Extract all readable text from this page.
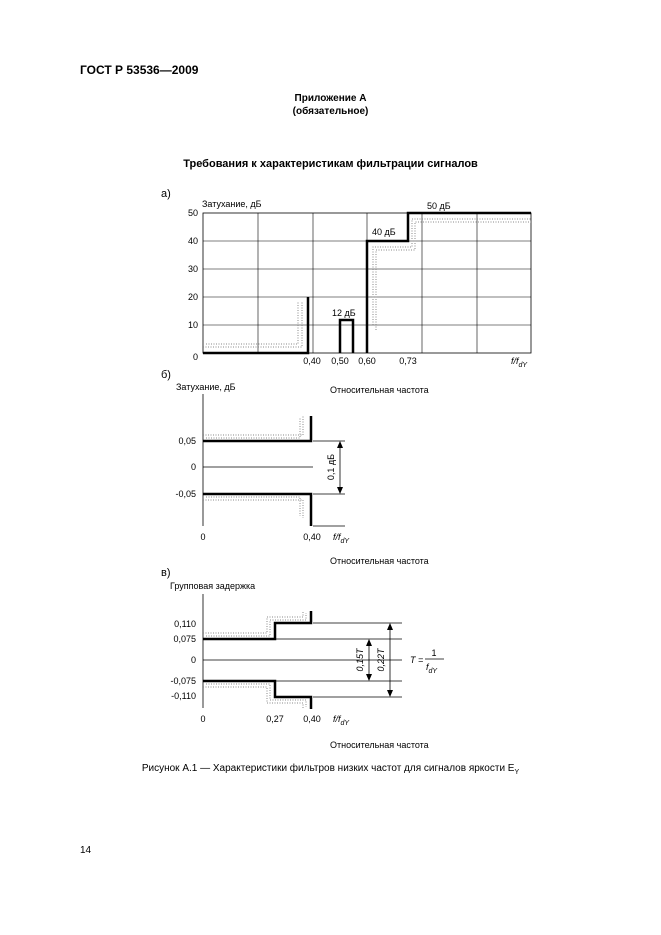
ГОСТ Р 53536—2009
Приложение А
(обязательное)
Требования к характеристикам фильтрации сигналов
а)
Затухание, дБ
50
40
30
20
10
0	0,40 0,50 0,60	0,73	$f/f_{dY}$
50 дБ
40 дБ
12 дБ
б)
Затухание, дБ	Относительная частота
0,1 дБ
0,05
0
-0,05
0	0,40 $f/f_{dY}$
Относительная частота
в)
Групповая задержка
0,15T 0,22T	T =
1
$f_{dY}$
0,110
0,075
0
-0,075
-0,110
0	0,27 0,40 $f/f_{dY}$
Относительная частота
Рисунок А.1 — Характеристики фильтров низких частот для сигналов яркости $E_Y$
14
